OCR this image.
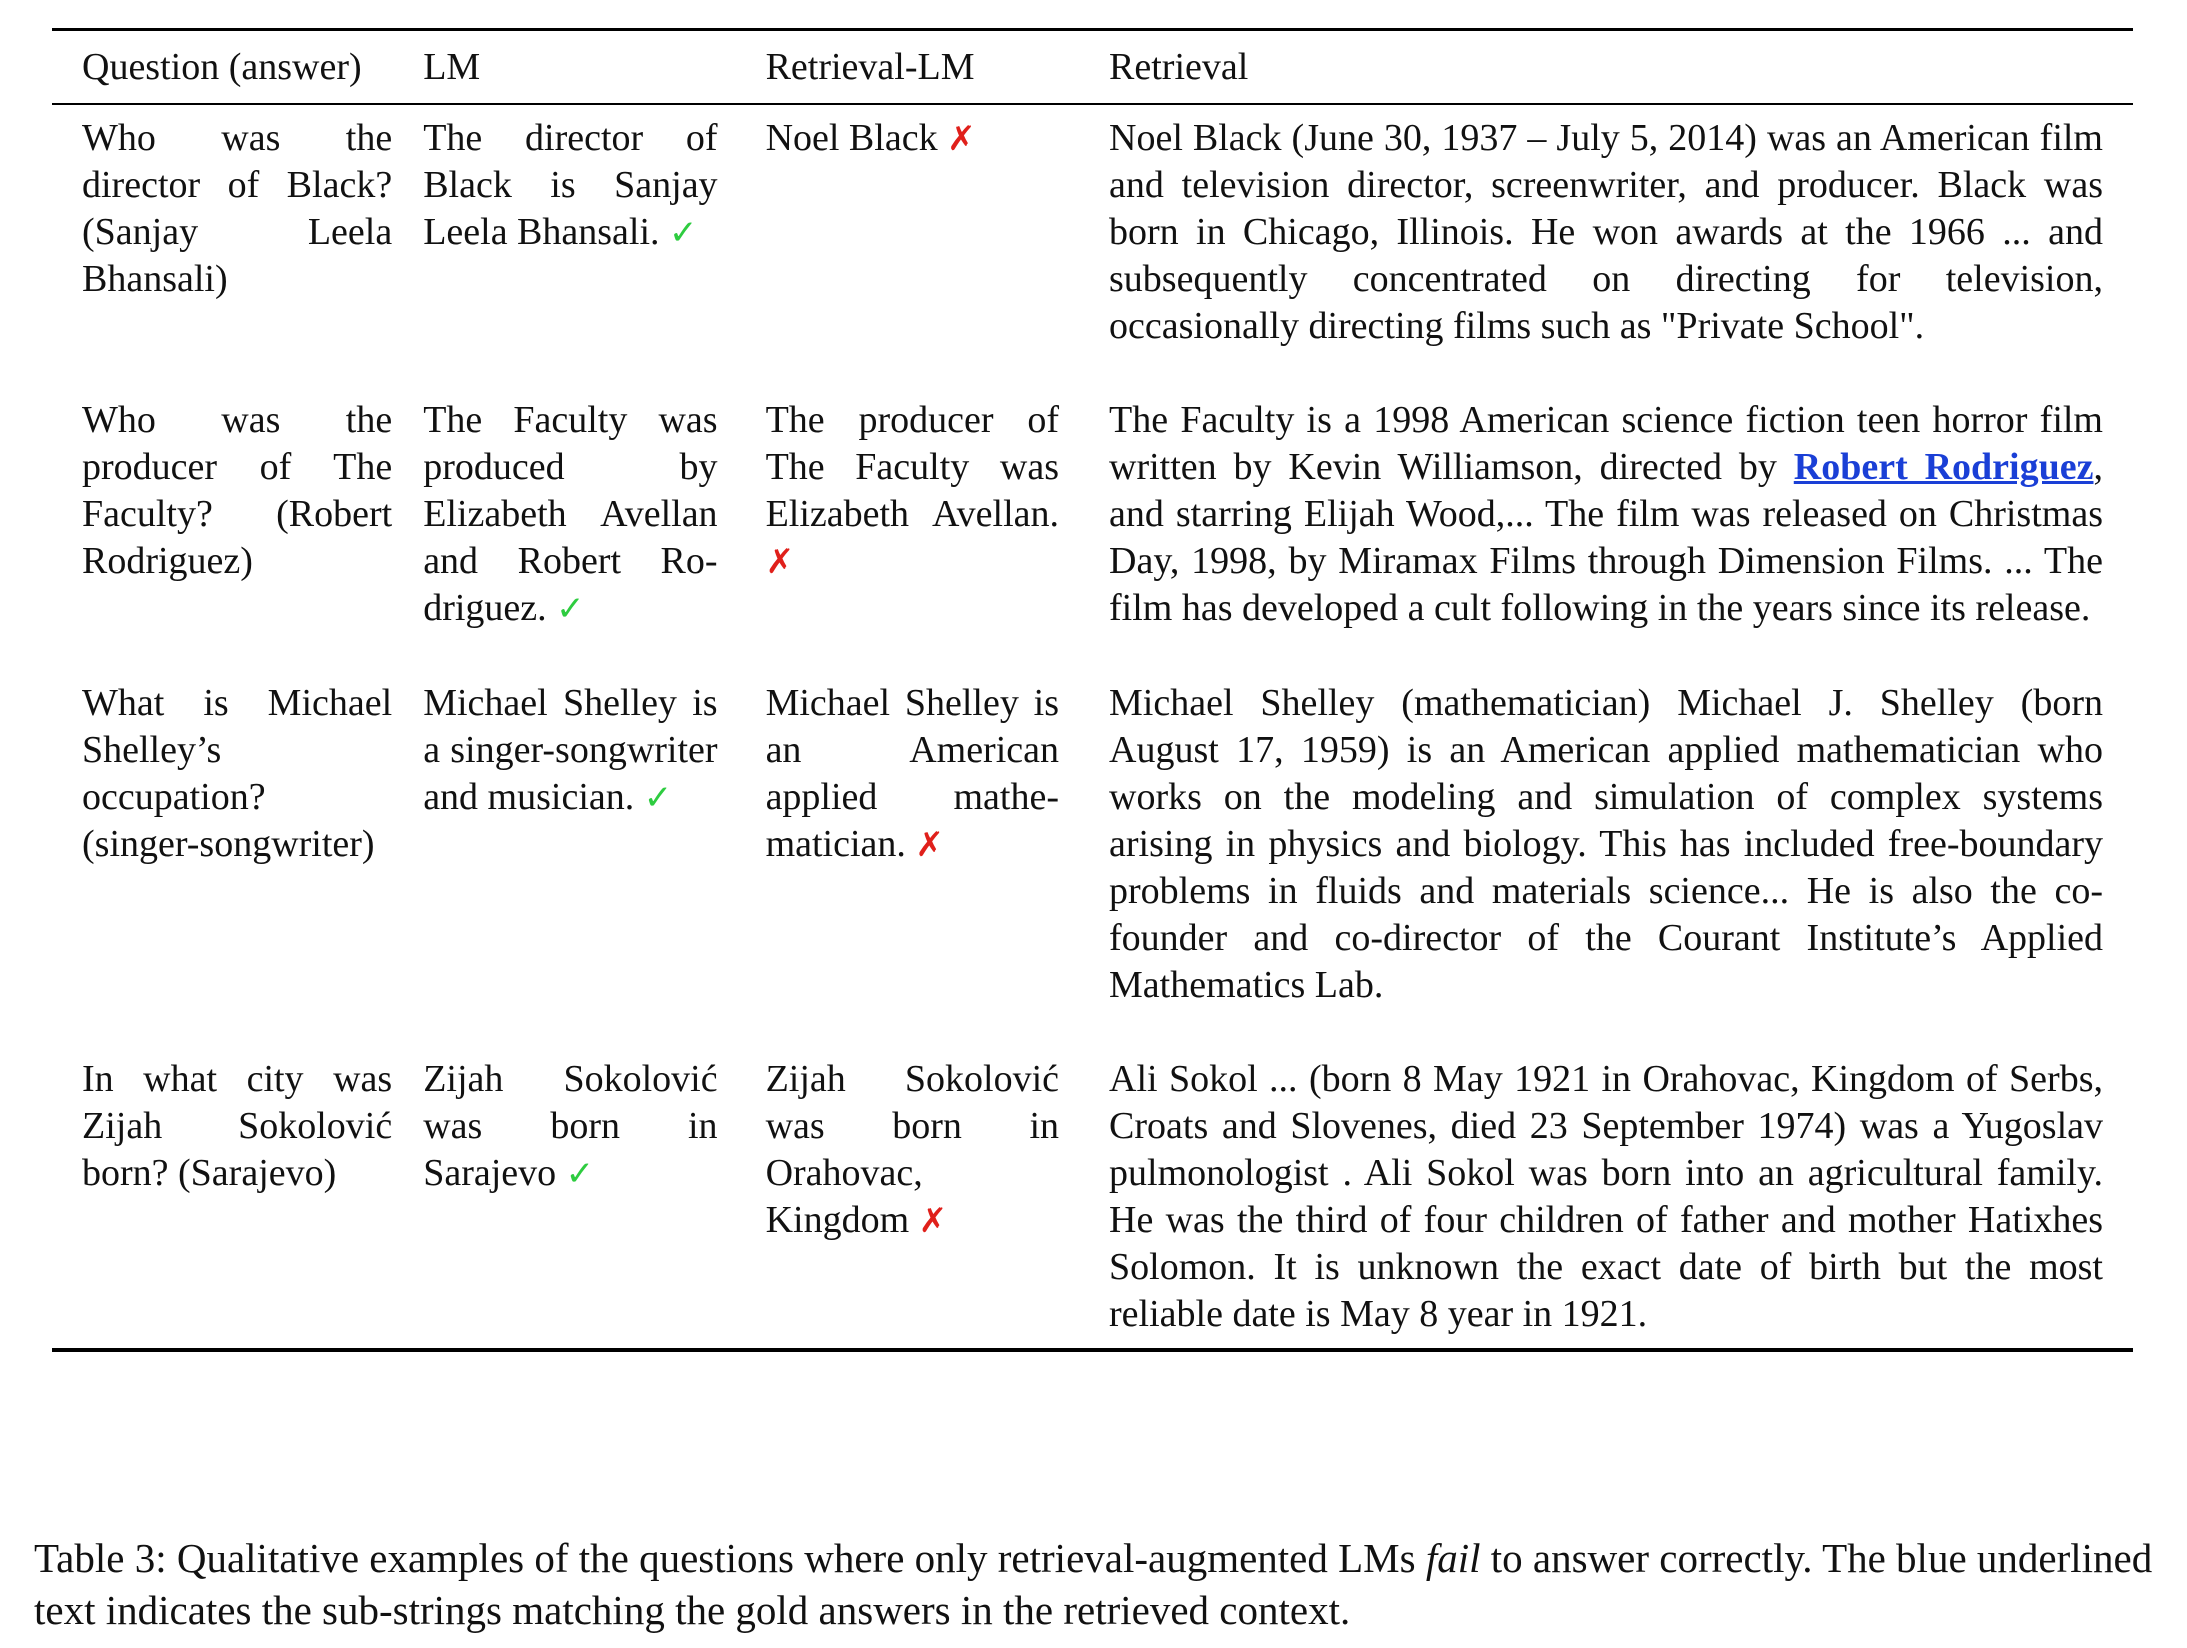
Question (answer)	LM	Retrieval-LM	Retrieval

Who was the director of Black? (Sanjay Leela Bhansali)	The director of Black is Sanjay Leela Bhansali. ✓	Noel Black ✗	Noel Black (June 30, 1937 – July 5, 2014) was an American film and television director, screenwriter, and producer. Black was born in Chicago, Illinois. He won awards at the 1966 ... and subsequently concentrated on directing for television, occasionally directing films such as "Private School".
Who was the producer of The Faculty? (Robert Rodriguez)	The Faculty was produced by Elizabeth Avellan and Robert Rodriguez. ✓	The producer of The Faculty was Elizabeth Avellan. ✗	The Faculty is a 1998 American science fiction teen horror film written by Kevin Williamson, directed by Robert Rodriguez, and starring Elijah Wood,... The film was released on Christmas Day, 1998, by Miramax Films through Dimension Films. ... The film has developed a cult following in the years since its release.
What is Michael Shelley’s occupation? (singer-songwriter)	Michael Shelley is a singer-songwriter and musician. ✓	Michael Shelley is an American applied mathematician. ✗	Michael Shelley (mathematician) Michael J. Shelley (born August 17, 1959) is an American applied mathematician who works on the modeling and simulation of complex systems arising in physics and biology. This has included free-boundary problems in fluids and materials science... He is also the co-founder and co-director of the Courant Institute’s Applied Mathematics Lab.
In what city was Zijah Sokolović born? (Sarajevo)	Zijah Sokolović was born in Sarajevo ✓	Zijah Sokolović was born in Orahovac, Kingdom ✗	Ali Sokol ... (born 8 May 1921 in Orahovac, Kingdom of Serbs, Croats and Slovenes, died 23 September 1974) was a Yugoslav pulmonologist . Ali Sokol was born into an agricultural family. He was the third of four children of father and mother Hatixhes Solomon. It is unknown the exact date of birth but the most reliable date is May 8 year in 1921.
Table 3: Qualitative examples of the questions where only retrieval-augmented LMs fail to answer correctly. The blue underlined text indicates the sub-strings matching the gold answers in the retrieved context.
